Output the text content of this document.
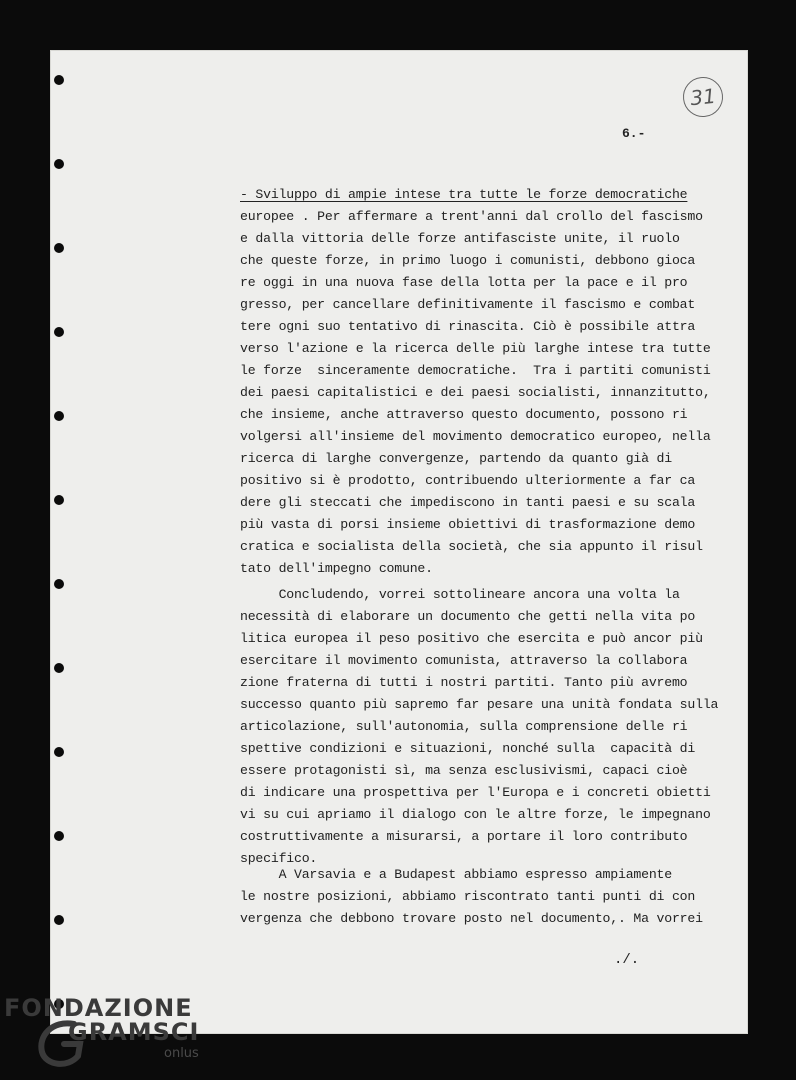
31
6.-
- Sviluppo di ampie intese tra tutte le forze democratiche
europee . Per affermare a trent'anni dal crollo del fascismo
e dalla vittoria delle forze antifasciste unite, il ruolo
che queste forze, in primo luogo i comunisti, debbono gioca
re oggi in una nuova fase della lotta per la pace e il pro
gresso, per cancellare definitivamente il fascismo e combat
tere ogni suo tentativo di rinascita. Ciò è possibile attra
verso l'azione e la ricerca delle più larghe intese tra tutte
le forze  sinceramente democratiche.  Tra i partiti comunisti
dei paesi capitalistici e dei paesi socialisti, innanzitutto,
che insieme, anche attraverso questo documento, possono ri
volgersi all'insieme del movimento democratico europeo, nella
ricerca di larghe convergenze, partendo da quanto già di
positivo si è prodotto, contribuendo ulteriormente a far ca
dere gli steccati che impediscono in tanti paesi e su scala
più vasta di porsi insieme obiettivi di trasformazione demo
cratica e socialista della società, che sia appunto il risul
tato dell'impegno comune.
Concludendo, vorrei sottolineare ancora una volta la
necessità di elaborare un documento che getti nella vita po
litica europea il peso positivo che esercita e può ancor più
esercitare il movimento comunista, attraverso la collabora
zione fraterna di tutti i nostri partiti. Tanto più avremo
successo quanto più sapremo far pesare una unità fondata sulla
articolazione, sull'autonomia, sulla comprensione delle ri
spettive condizioni e situazioni, nonché sulla  capacità di
essere protagonisti sì, ma senza esclusivismi, capaci cioè
di indicare una prospettiva per l'Europa e i concreti obietti
vi su cui apriamo il dialogo con le altre forze, le impegnano
costruttivamente a misurarsi, a portare il loro contributo
specifico.
A Varsavia e a Budapest abbiamo espresso ampiamente
le nostre posizioni, abbiamo riscontrato tanti punti di con
vergenza che debbono trovare posto nel documento,. Ma vorrei
./.
FONDAZIONE
GRAMSCI
onlus
